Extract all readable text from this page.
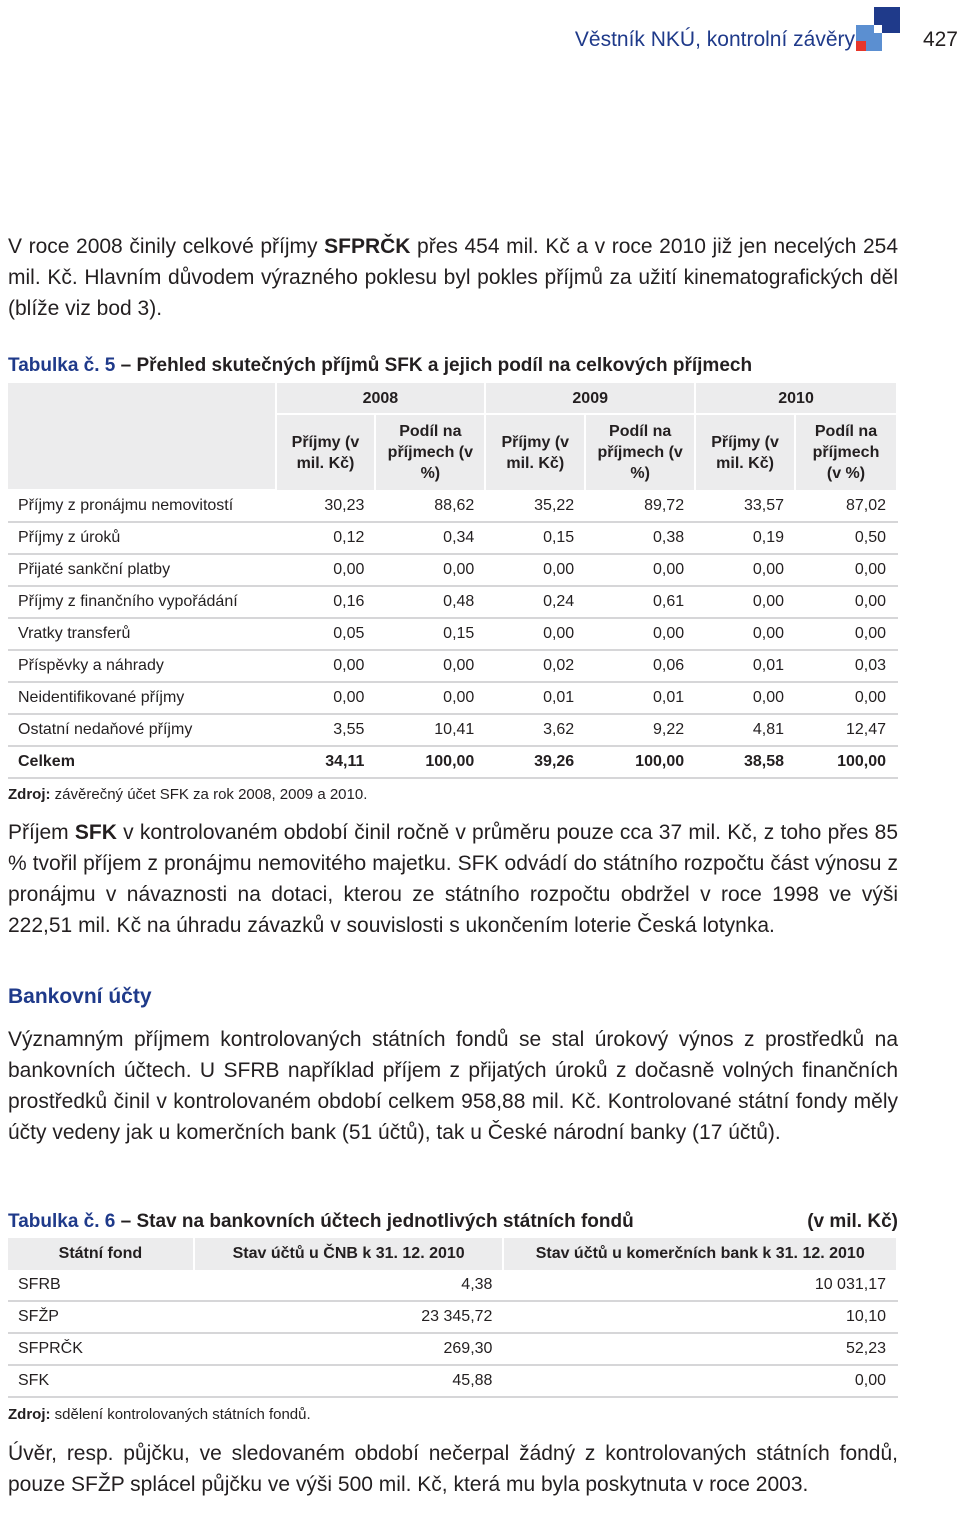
Věstník NKÚ, kontrolní závěry	427
V roce 2008 činily celkové příjmy SFPRČK přes 454 mil. Kč a v roce 2010 již jen necelých 254 mil. Kč. Hlavním důvodem výrazného poklesu byl pokles příjmů za užití kinematografických děl (blíže viz bod 3).
Tabulka č. 5 – Přehled skutečných příjmů SFK a jejich podíl na celkových příjmech
	2008		2009		2010	
	Příjmy (v mil. Kč)	Podíl na příjmech (v %)	Příjmy (v mil. Kč)	Podíl na příjmech (v %)	Příjmy (v mil. Kč)	Podíl na příjmech (v %)
Příjmy z pronájmu nemovitostí	30,23	88,62	35,22	89,72	33,57	87,02
Příjmy z úroků	0,12	0,34	0,15	0,38	0,19	0,50
Přijaté sankční platby	0,00	0,00	0,00	0,00	0,00	0,00
Příjmy z finančního vypořádání	0,16	0,48	0,24	0,61	0,00	0,00
Vratky transferů	0,05	0,15	0,00	0,00	0,00	0,00
Příspěvky a náhrady	0,00	0,00	0,02	0,06	0,01	0,03
Neidentifikované příjmy	0,00	0,00	0,01	0,01	0,00	0,00
Ostatní nedaňové příjmy	3,55	10,41	3,62	9,22	4,81	12,47
Celkem	34,11	100,00	39,26	100,00	38,58	100,00
Zdroj: závěrečný účet SFK za rok 2008, 2009 a 2010.
Příjem SFK v kontrolovaném období činil ročně v průměru pouze cca 37 mil. Kč, z toho přes 85 % tvořil příjem z pronájmu nemovitého majetku. SFK odvádí do státního rozpočtu část výnosu z pronájmu v návaznosti na dotaci, kterou ze státního rozpočtu obdržel v roce 1998 ve výši 222,51 mil. Kč na úhradu závazků v souvislosti s ukončením loterie Česká lotynka.
Bankovní účty
Významným příjmem kontrolovaných státních fondů se stal úrokový výnos z prostředků na bankovních účtech. U SFRB například příjem z přijatých úroků z dočasně volných finančních prostředků činil v kontrolovaném období celkem 958,88 mil. Kč. Kontrolované státní fondy měly účty vedeny jak u komerčních bank (51 účtů), tak u České národní banky (17 účtů).
Tabulka č. 6 – Stav na bankovních účtech jednotlivých státních fondů	(v mil. Kč)
Státní fond	Stav účtů u ČNB k 31. 12. 2010	Stav účtů u komerčních bank k 31. 12. 2010
SFRB	4,38	10 031,17
SFŽP	23 345,72	10,10
SFPRČK	269,30	52,23
SFK	45,88	0,00
Zdroj: sdělení kontrolovaných státních fondů.
Úvěr, resp. půjčku, ve sledovaném období nečerpal žádný z kontrolovaných státních fondů, pouze SFŽP splácel půjčku ve výši 500 mil. Kč, která mu byla poskytnuta v roce 2003.
